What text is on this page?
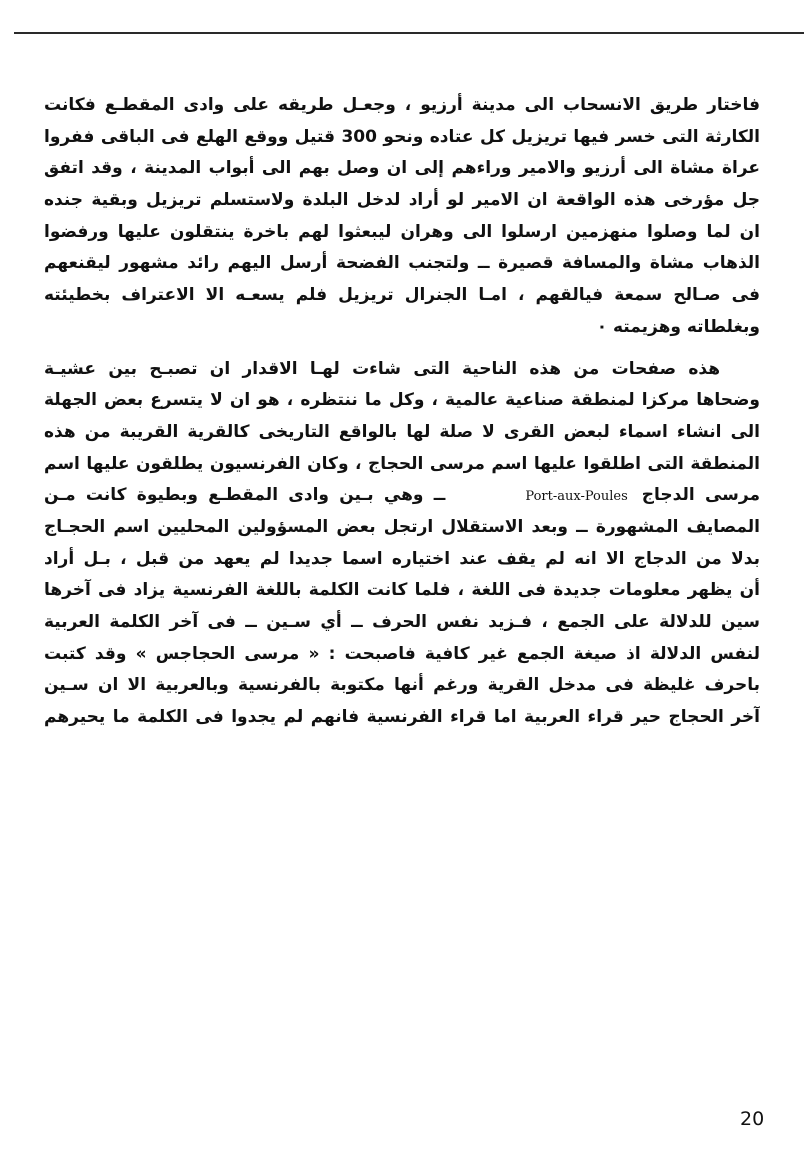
فاختار طريق الانسحاب الى مدينة أرزيو ، وجعـل طريقه على وادى المقطـع فكانت
الكارثة التى خسر فيها تريزيل كل عتاده ونحو 300 قتيل ووقع الهلع فى الباقى ففروا
عراة مشاة الى أرزيو والامير وراءهم إلى ان وصل بهم الى أبواب المدينة ، وقد اتفق
جل مؤرخى هذه الواقعة ان الامير لو أراد لدخل البلدة ولاستسلم تريزيل وبقية جنده
ان لما وصلوا منهزمين ارسلوا الى وهران ليبعثوا لهم باخرة ينتقلون عليها ورفضوا
الذهاب مشاة والمسافة قصيرة ــ ولتجنب الفضحة أرسل اليهم رائد مشهور ليقنعهم
فى صـالح سمعة فيالقهم ، امـا الجنرال تريزيل فلم يسعـه الا الاعتراف بخطيئته
وبغلطاته وهزيمته ٠
هذه صفحات من هذه الناحية التى شاءت لهـا الاقدار ان تصبـح بين عشيـة
وضحاها مركزا لمنطقة صناعية عالمية ، وكل ما ننتظره ، هو ان لا يتسرع بعض الجهلة
الى انشاء اسماء لبعض القرى لا صلة لها بالواقع التاريخى كالقرية القريبة من هذه
المنطقة التى اطلقوا عليها اسم مرسى الحجاج ، وكان الفرنسيون يطلقون عليها اسم
مرسى الدجاجPort-aux-Poulesــ وهي بـين وادى المقطـع وبطيوة كانت مـن
المصايف المشهورة ــ وبعد الاستقلال ارتجل بعض المسؤولين المحليين اسم الحجـاج
بدلا من الدجاج الا انه لم يقف عند اختياره اسما جديدا لم يعهد من قبل ، بـل أراد
أن يظهر معلومات جديدة فى اللغة ، فلما كانت الكلمة باللغة الفرنسية يزاد فى آخرها
سين للدلالة على الجمع ، فـزيد نفس الحرف ــ أي سـين ــ فى آخر الكلمة العربية
لنفس الدلالة اذ صيغة الجمع غير كافية فاصبحت : « مرسى الحجاجس » وقد كتبت
باحرف غليظة فى مدخل القرية ورغم أنها مكتوبة بالفرنسية وبالعربية الا ان سـين
آخر الحجاج حير قراء العربية اما قراء الفرنسية فانهم لم يجدوا فى الكلمة ما يحيرهم
20
